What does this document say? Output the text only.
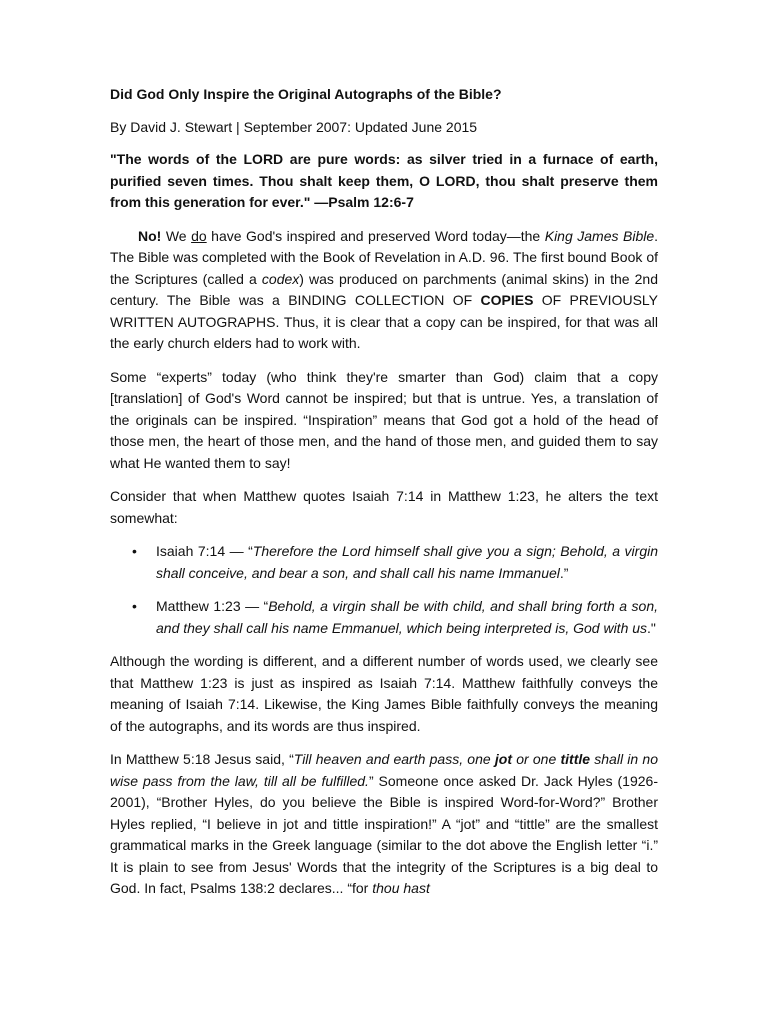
Did God Only Inspire the Original Autographs of the Bible?
By David J. Stewart | September 2007: Updated June 2015

"The words of the LORD are pure words: as silver tried in a furnace of earth, purified seven times. Thou shalt keep them, O LORD, thou shalt preserve them from this generation for ever." —Psalm 12:6-7

No! We do have God's inspired and preserved Word today—the King James Bible. The Bible was completed with the Book of Revelation in A.D. 96. The first bound Book of the Scriptures (called a codex) was produced on parchments (animal skins) in the 2nd century. The Bible was a BINDING COLLECTION OF COPIES OF PREVIOUSLY WRITTEN AUTOGRAPHS. Thus, it is clear that a copy can be inspired, for that was all the early church elders had to work with.

Some “experts” today (who think they're smarter than God) claim that a copy [translation] of God's Word cannot be inspired; but that is untrue. Yes, a translation of the originals can be inspired. “Inspiration” means that God got a hold of the head of those men, the heart of those men, and the hand of those men, and guided them to say what He wanted them to say!

Consider that when Matthew quotes Isaiah 7:14 in Matthew 1:23, he alters the text somewhat:

• Isaiah 7:14 — “Therefore the Lord himself shall give you a sign; Behold, a virgin shall conceive, and bear a son, and shall call his name Immanuel.”
• Matthew 1:23 — “Behold, a virgin shall be with child, and shall bring forth a son, and they shall call his name Emmanuel, which being interpreted is, God with us."

Although the wording is different, and a different number of words used, we clearly see that Matthew 1:23 is just as inspired as Isaiah 7:14. Matthew faithfully conveys the meaning of Isaiah 7:14. Likewise, the King James Bible faithfully conveys the meaning of the autographs, and its words are thus inspired.

In Matthew 5:18 Jesus said, “Till heaven and earth pass, one jot or one tittle shall in no wise pass from the law, till all be fulfilled.” Someone once asked Dr. Jack Hyles (1926-2001), “Brother Hyles, do you believe the Bible is inspired Word-for-Word?” Brother Hyles replied, “I believe in jot and tittle inspiration!” A “jot” and “tittle” are the smallest grammatical marks in the Greek language (similar to the dot above the English letter “i.” It is plain to see from Jesus' Words that the integrity of the Scriptures is a big deal to God. In fact, Psalms 138:2 declares... “for thou hast
